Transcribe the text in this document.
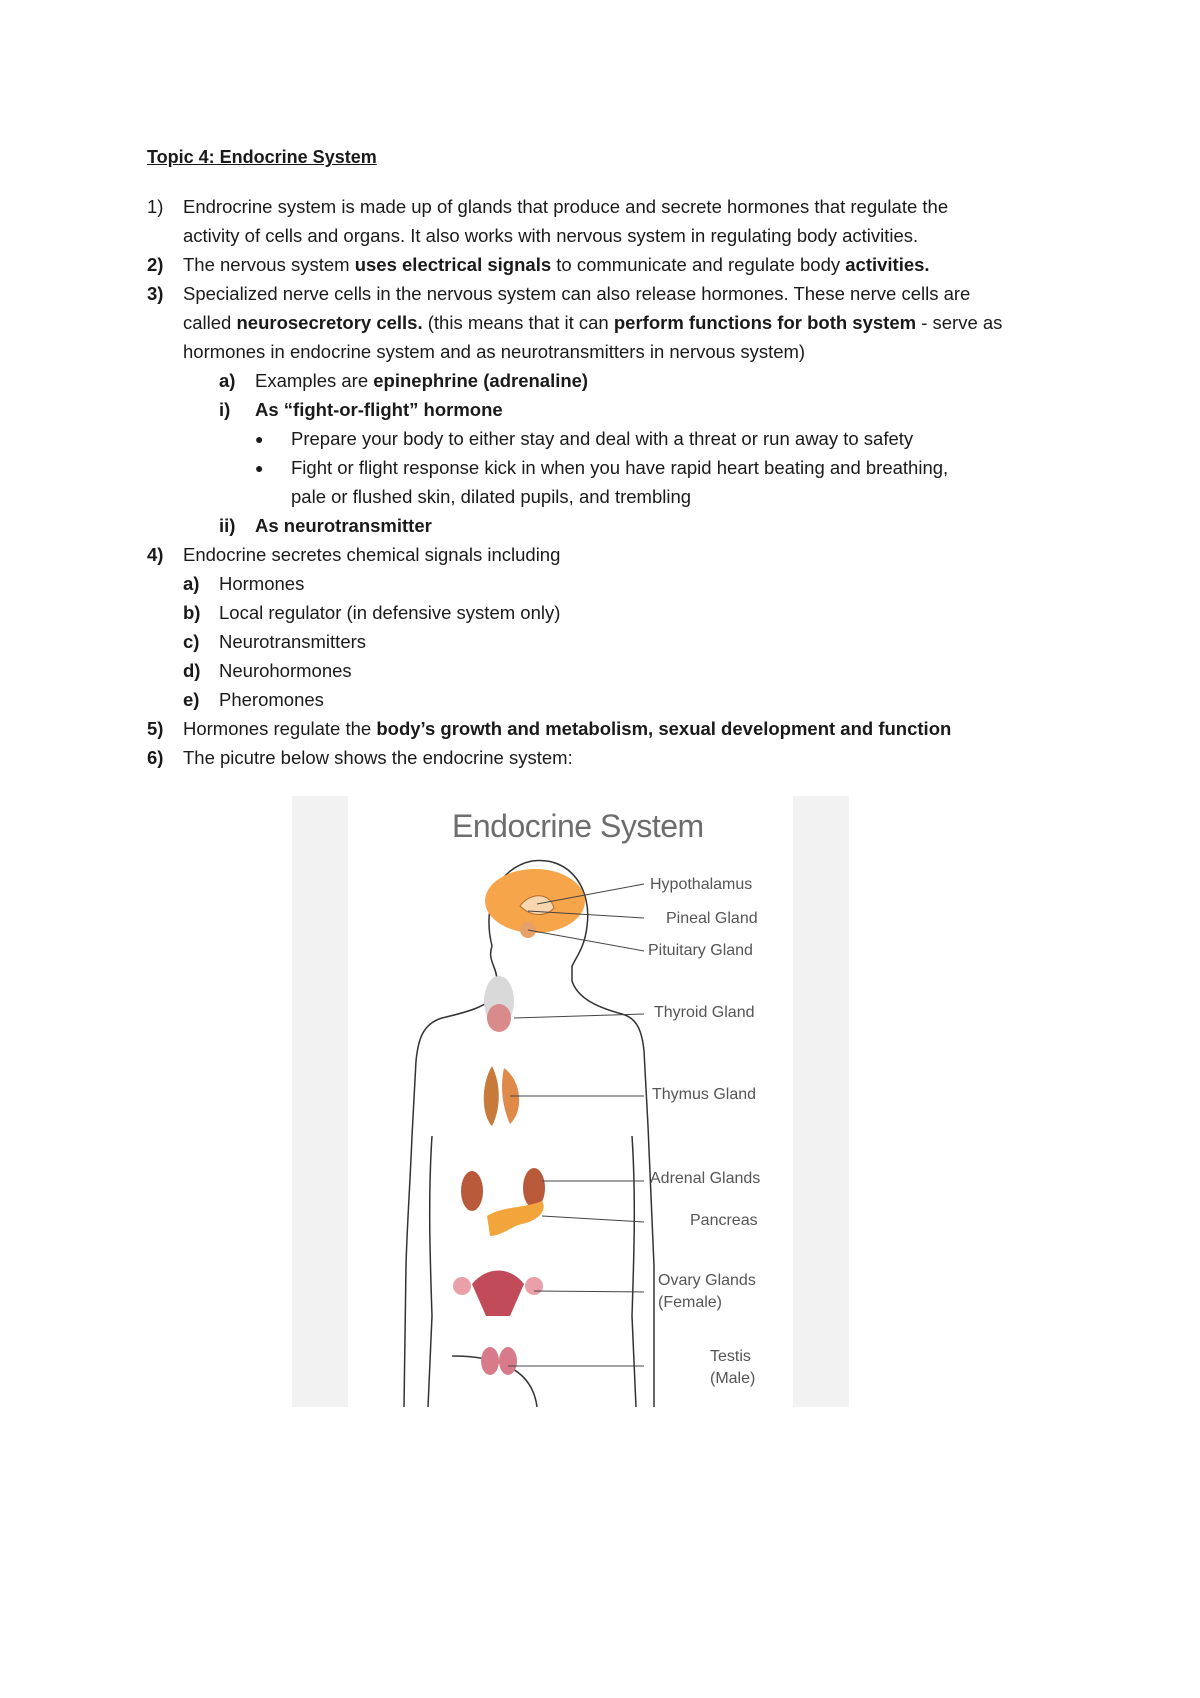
Topic 4: Endocrine System
1) Endrocrine system is made up of glands that produce and secrete hormones that regulate the
activity of cells and organs. It also works with nervous system in regulating body activities.
2) The nervous system uses electrical signals to communicate and regulate body activities.
3) Specialized nerve cells in the nervous system can also release hormones. These nerve cells are
called neurosecretory cells. (this means that it can perform functions for both system - serve as
hormones in endocrine system and as neurotransmitters in nervous system)
a) Examples are epinephrine (adrenaline)
i) As “fight-or-flight” hormone
● Prepare your body to either stay and deal with a threat or run away to safety
● Fight or flight response kick in when you have rapid heart beating and breathing,
pale or flushed skin, dilated pupils, and trembling
ii) As neurotransmitter
4) Endocrine secretes chemical signals including
a) Hormones
b) Local regulator (in defensive system only)
c) Neurotransmitters
d) Neurohormones
e) Pheromones
5) Hormones regulate the body’s growth and metabolism, sexual development and function
6) The picutre below shows the endocrine system:
Endocrine System
Hypothalamus
Pineal Gland
Pituitary Gland
Thyroid Gland
Thymus Gland
Adrenal Glands
Pancreas
Ovary Glands
(Female)
Testis
(Male)
